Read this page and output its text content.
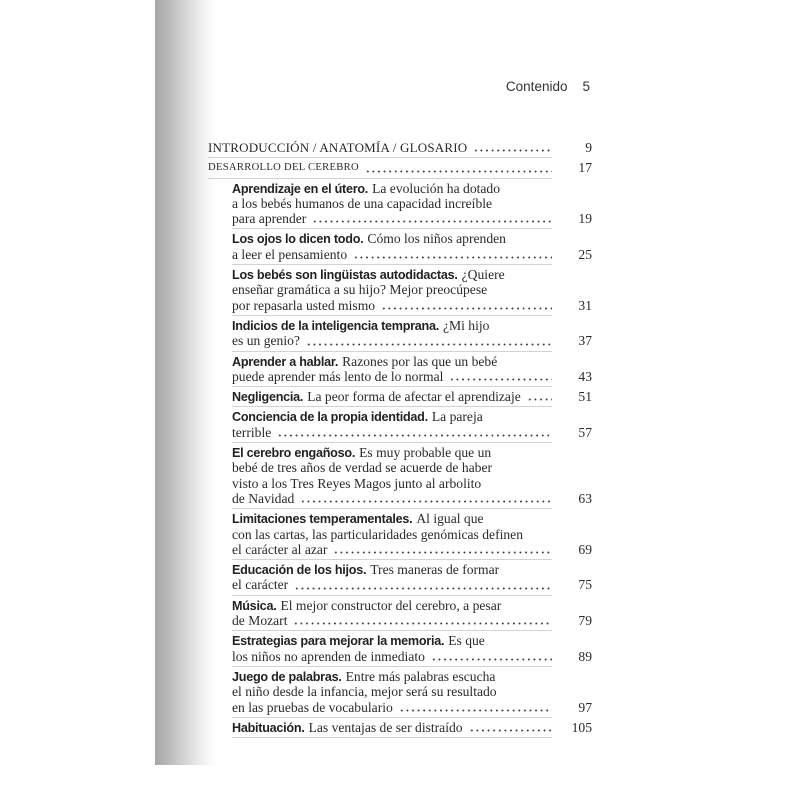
Contenido 5
INTRODUCCIÓN / ANATOMÍA / GLOSARIO	9
DESARROLLO DEL CEREBRO	17
Aprendizaje en el útero. La evolución ha dotado
a los bebés humanos de una capacidad increíble
para aprender	19
Los ojos lo dicen todo. Cómo los niños aprenden
a leer el pensamiento	25
Los bebés son lingüistas autodidactas. ¿Quiere
enseñar gramática a su hijo? Mejor preocúpese
por repasarla usted mismo	31
Indicios de la inteligencia temprana. ¿Mi hijo
es un genio?	37
Aprender a hablar. Razones por las que un bebé
puede aprender más lento de lo normal	43
Negligencia. La peor forma de afectar el aprendizaje	51
Conciencia de la propia identidad. La pareja
terrible	57
El cerebro engañoso. Es muy probable que un
bebé de tres años de verdad se acuerde de haber
visto a los Tres Reyes Magos junto al arbolito
de Navidad	63
Limitaciones temperamentales. Al igual que
con las cartas, las particularidades genómicas definen
el carácter al azar	69
Educación de los hijos. Tres maneras de formar
el carácter	75
Música. El mejor constructor del cerebro, a pesar
de Mozart	79
Estrategias para mejorar la memoria. Es que
los niños no aprenden de inmediato	89
Juego de palabras. Entre más palabras escucha
el niño desde la infancia, mejor será su resultado
en las pruebas de vocabulario	97
Habituación. Las ventajas de ser distraído	105
